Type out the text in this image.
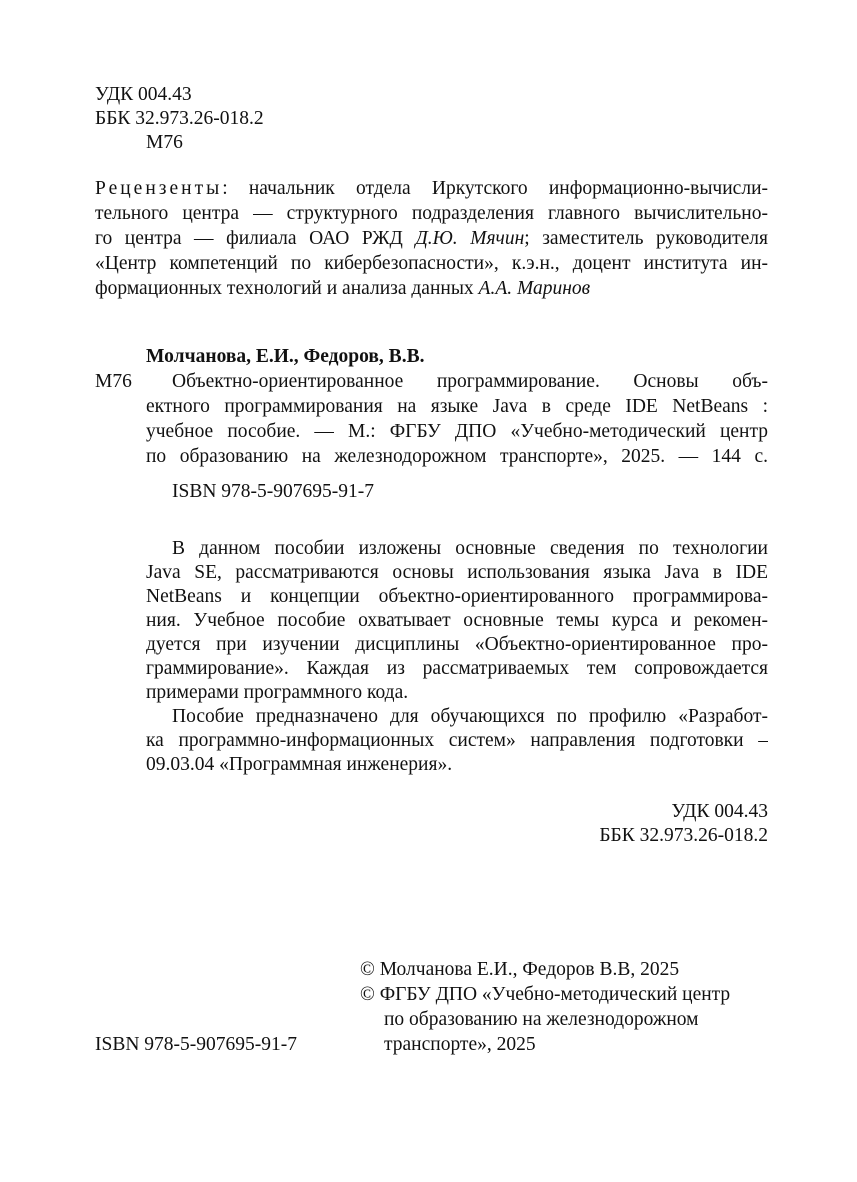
УДК 004.43
ББК 32.973.26-018.2
М76
Рецензенты: начальник отдела Иркутского информационно-вычисли-
тельного центра — структурного подразделения главного вычислительно-
го центра — филиала ОАО РЖД Д.Ю. Мячин; заместитель руководителя
«Центр компетенций по кибербезопасности», к.э.н., доцент института ин-
формационных технологий и анализа данных А.А. Маринов
Молчанова, Е.И., Федоров, В.В.
М76 Объектно-ориентированное программирование. Основы объ-
ектного программирования на языке Java в среде IDE NetBeans :
учебное пособие. — М.: ФГБУ ДПО «Учебно-методический центр
по образованию на железнодорожном транспорте», 2025. — 144 с.
ISBN 978-5-907695-91-7
В данном пособии изложены основные сведения по технологии
Java SE, рассматриваются основы использования языка Java в IDE
NetBeans и концепции объектно-ориентированного программирова-
ния. Учебное пособие охватывает основные темы курса и рекомен-
дуется при изучении дисциплины «Объектно-ориентированное про-
граммирование». Каждая из рассматриваемых тем сопровождается
примерами программного кода.
Пособие предназначено для обучающихся по профилю «Разработ-
ка программно-информационных систем» направления подготовки –
09.03.04 «Программная инженерия».
УДК 004.43
ББК 32.973.26-018.2
© Молчанова Е.И., Федоров В.В, 2025
© ФГБУ ДПО «Учебно-методический центр
по образованию на железнодорожном
транспорте», 2025
ISBN 978-5-907695-91-7
